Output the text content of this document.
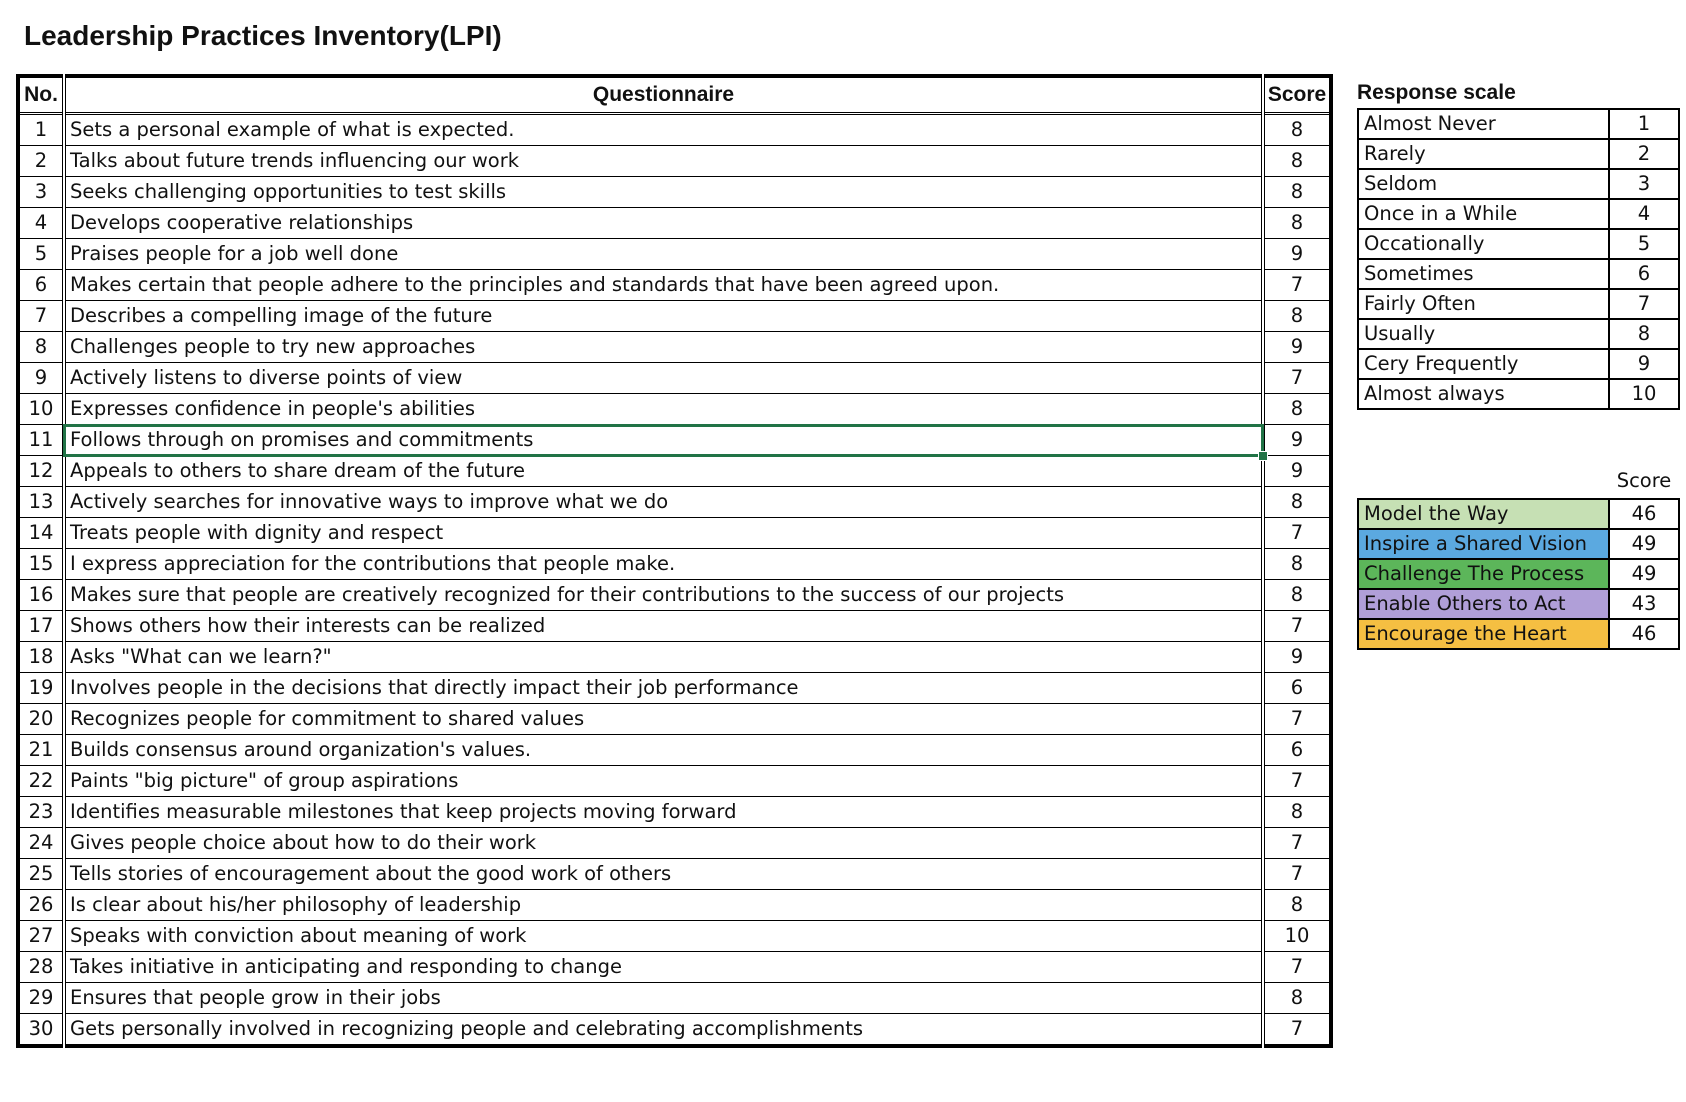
Leadership Practices Inventory(LPI)
No.	Questionnaire	Score
1	Sets a personal example of what is expected.	8
2	Talks about future trends influencing our work	8
3	Seeks challenging opportunities to test skills	8
4	Develops cooperative relationships	8
5	Praises people for a job well done	9
6	Makes certain that people adhere to the principles and standards that have been agreed upon.	7
7	Describes a compelling image of the future	8
8	Challenges people to try new approaches	9
9	Actively listens to diverse points of view	7
10	Expresses confidence in people's abilities	8
11	Follows through on promises and commitments	9
12	Appeals to others to share dream of the future	9
13	Actively searches for innovative ways to improve what we do	8
14	Treats people with dignity and respect	7
15	I express appreciation for the contributions that people make.	8
16	Makes sure that people are creatively recognized for their contributions to the success of our projects	8
17	Shows others how their interests can be realized	7
18	Asks "What can we learn?"	9
19	Involves people in the decisions that directly impact their job performance	6
20	Recognizes people for commitment to shared values	7
21	Builds consensus around organization's values.	6
22	Paints "big picture" of group aspirations	7
23	Identifies measurable milestones that keep projects moving forward	8
24	Gives people choice about how to do their work	7
25	Tells stories of encouragement about the good work of others	7
26	Is clear about his/her philosophy of leadership	8
27	Speaks with conviction about meaning of work	10
28	Takes initiative in anticipating and responding to change	7
29	Ensures that people grow in their jobs	8
30	Gets personally involved in recognizing people and celebrating accomplishments	7
Response scale
Almost Never	1
Rarely	2
Seldom	3
Once in a While	4
Occationally	5
Sometimes	6
Fairly Often	7
Usually	8
Cery Frequently	9
Almost always	10
Score
Model the Way	46
Inspire a Shared Vision	49
Challenge The Process	49
Enable Others to Act	43
Encourage the Heart	46
